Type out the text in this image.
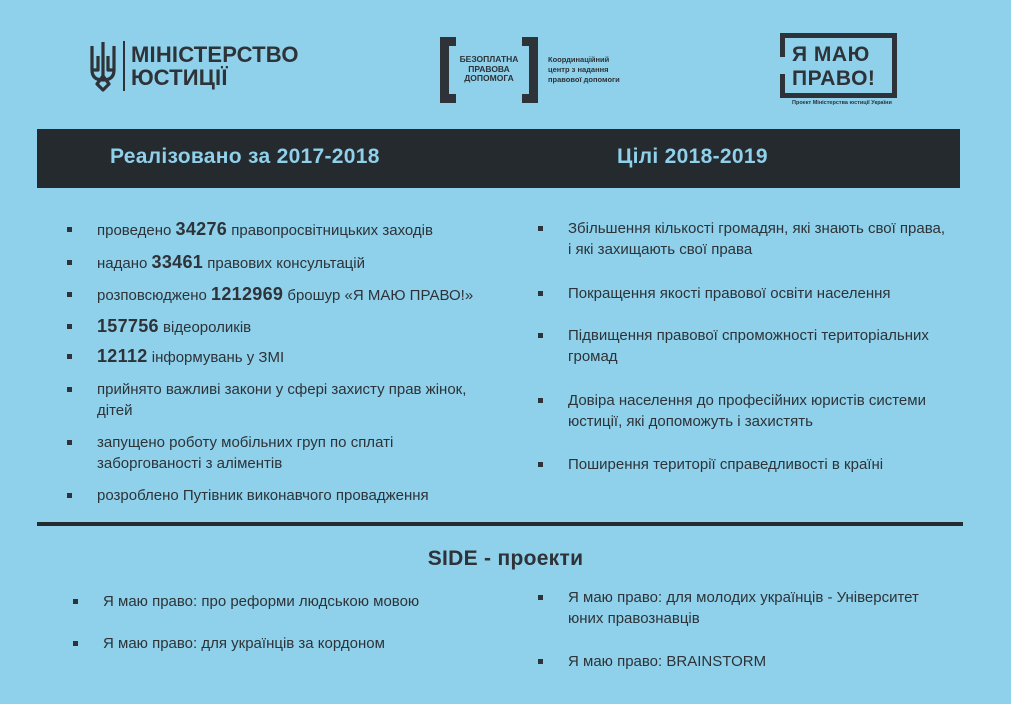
МІНІСТЕРСТВО
ЮСТИЦІЇ
БЕЗОПЛАТНА
ПРАВОВА
ДОПОМОГА
Координаційний
центр з надання
правової допомоги
Я МАЮ
ПРАВО!
Проект Міністерства юстиції України
Реалізовано за 2017-2018	Цілі 2018-2019
проведено 34276 правопросвітницьких заходів
надано 33461 правових консультацій
розповсюджено 1212969 брошур «Я МАЮ ПРАВО!»
157756 відеороликів
12112 інформувань у ЗМІ
прийнято важливі закони у сфері захисту прав жінок,
дітей
запущено роботу мобільних груп по сплаті
заборгованості з аліментів
розроблено Путівник виконавчого провадження
Збільшення кількості громадян, які знають свої права,
і які захищають свої права
Покращення якості правової освіти населення
Підвищення правової спроможності територіальних
громад
Довіра населення до професійних юристів системи
юстиції, які допоможуть і захистять
Поширення території справедливості в країні
SIDE - проекти
Я маю право: про реформи людською мовою
Я маю право: для українців за кордоном
Я маю право: для молодих українців - Університет
юних правознавців
Я маю право: BRAINSTORM
